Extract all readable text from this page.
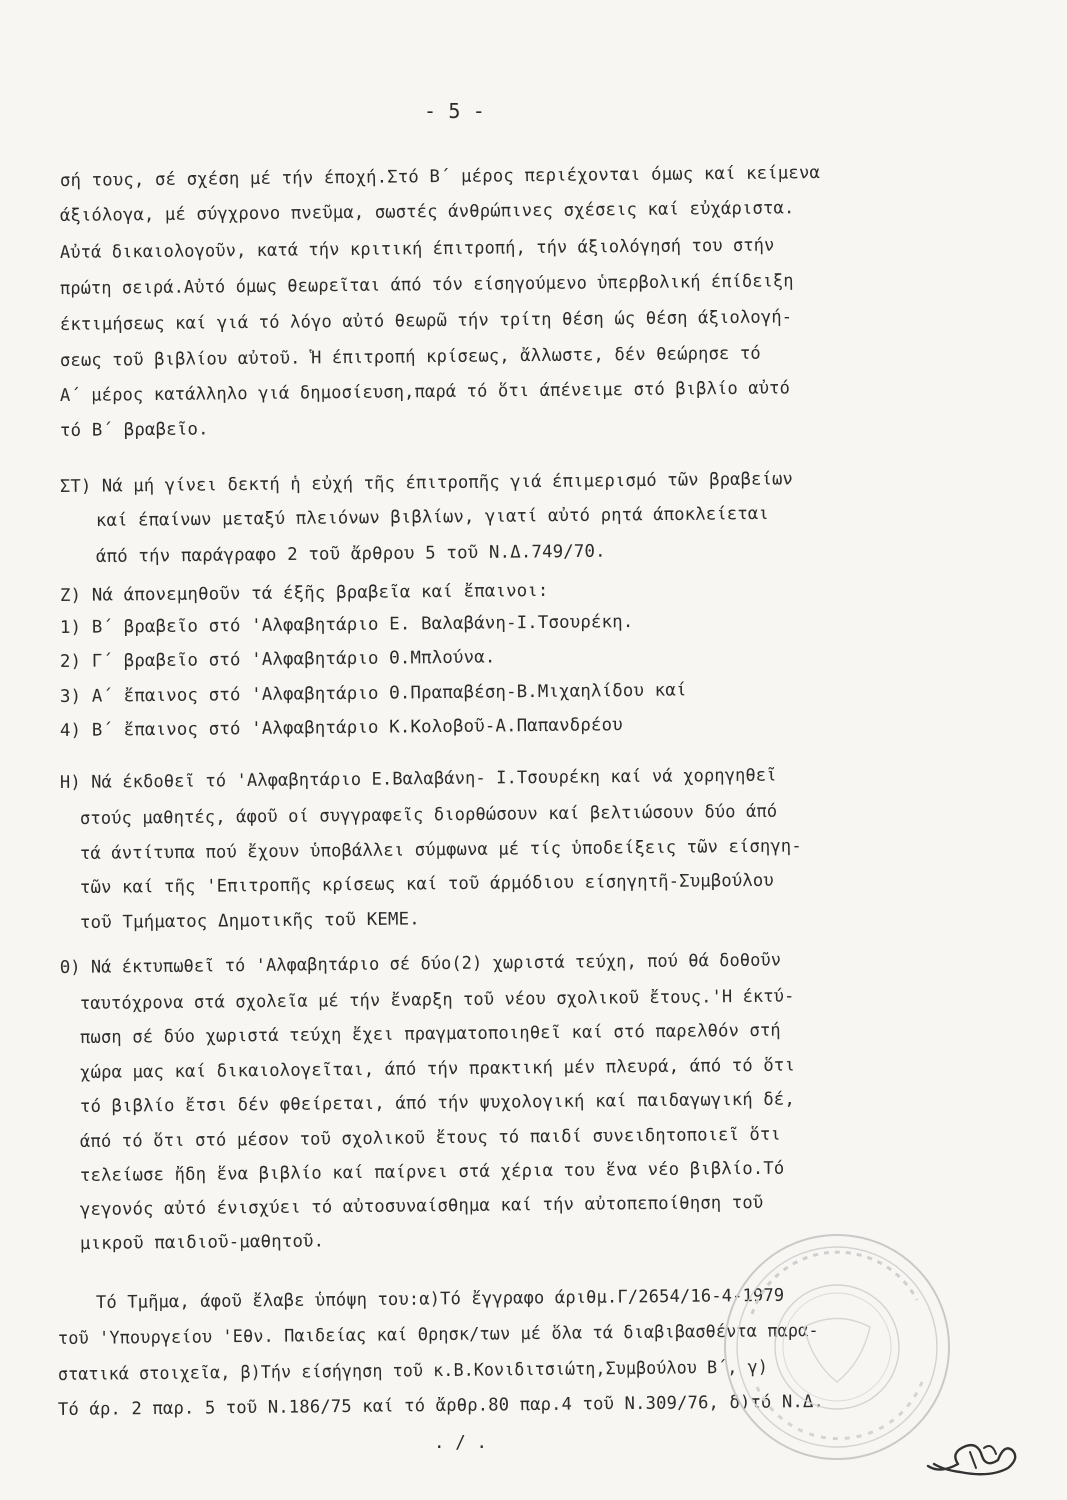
- 5 -
σή τους, σέ σχέση μέ τήν έποχή.Στό Β΄ μέρος περιέχονται όμως καί κείμενα
άξιόλογα, μέ σύγχρονο πνεῦμα, σωστές άνθρώπινες σχέσεις καί εὐχάριστα.
Αὐτά δικαιολογοῦν, κατά τήν κριτική έπιτροπή, τήν άξιολόγησή του στήν
πρώτη σειρά.Αὐτό όμως θεωρεῖται άπό τόν είσηγούμενο ὑπερβολική έπίδειξη
έκτιμήσεως καί γιά τό λόγο αὐτό θεωρῶ τήν τρίτη θέση ώς θέση άξιολογή-
σεως τοῦ βιβλίου αὐτοῦ. Ἡ έπιτροπή κρίσεως, ἄλλωστε, δέν θεώρησε τό
Α΄ μέρος κατάλληλο γιά δημοσίευση,παρά τό ὅτι άπένειμε στό βιβλίο αὐτό
τό Β΄ βραβεῖο.
ΣΤ) Νά μή γίνει δεκτή ἡ εὐχή τῆς έπιτροπῆς γιά έπιμερισμό τῶν βραβείων
καί έπαίνων μεταξύ πλειόνων βιβλίων, γιατί αὐτό ρητά άποκλείεται
άπό τήν παράγραφο 2 τοῦ ἄρθρου 5 τοῦ Ν.Δ.749/70.
Ζ) Νά άπονεμηθοῦν τά έξῆς βραβεῖα καί ἔπαινοι:
1) Β΄ βραβεῖο στό 'Αλφαβητάριο Ε. Βαλαβάνη-Ι.Τσουρέκη.
2) Γ΄ βραβεῖο στό 'Αλφαβητάριο Θ.Μπλούνα.
3) Α΄ ἔπαινος στό 'Αλφαβητάριο Θ.Πραπαβέση-Β.Μιχαηλίδου καί
4) Β΄ ἔπαινος στό 'Αλφαβητάριο Κ.Κολοβοῦ-Α.Παπανδρέου
Η) Νά έκδοθεῖ τό 'Αλφαβητάριο Ε.Βαλαβάνη- Ι.Τσουρέκη καί νά χορηγηθεῖ
στούς μαθητές, άφοῦ οί συγγραφεῖς διορθώσουν καί βελτιώσουν δύο άπό
τά άντίτυπα πού ἔχουν ὑποβάλλει σύμφωνα μέ τίς ὑποδείξεις τῶν είσηγη-
τῶν καί τῆς 'Επιτροπῆς κρίσεως καί τοῦ άρμόδιου είσηγητῆ-Συμβούλου
τοῦ Τμήματος Δημοτικῆς τοῦ ΚΕΜΕ.
Θ) Νά έκτυπωθεῖ τό 'Αλφαβητάριο σέ δύο(2) χωριστά τεύχη, πού θά δοθοῦν
ταυτόχρονα στά σχολεῖα μέ τήν ἔναρξη τοῦ νέου σχολικοῦ ἔτους.'Η έκτύ-
πωση σέ δύο χωριστά τεύχη ἔχει πραγματοποιηθεῖ καί στό παρελθόν στή
χώρα μας καί δικαιολογεῖται, άπό τήν πρακτική μέν πλευρά, άπό τό ὅτι
τό βιβλίο ἔτσι δέν φθείρεται, άπό τήν ψυχολογική καί παιδαγωγική δέ,
άπό τό ὅτι στό μέσον τοῦ σχολικοῦ ἔτους τό παιδί συνειδητοποιεῖ ὅτι
τελείωσε ἤδη ἕνα βιβλίο καί παίρνει στά χέρια του ἕνα νέο βιβλίο.Τό
γεγονός αὐτό ένισχύει τό αὐτοσυναίσθημα καί τήν αὐτοπεποίθηση τοῦ
μικροῦ παιδιοῦ-μαθητοῦ.
Τό Τμῆμα, άφοῦ ἔλαβε ὑπόψη του:α)Τό ἔγγραφο άριθμ.Γ/2654/16-4-1979
τοῦ 'Υπουργείου 'Εθν. Παιδείας καί Θρησκ/των μέ ὅλα τά διαβιβασθέντα παρα-
στατικά στοιχεῖα, β)Τήν είσήγηση τοῦ κ.Β.Κονιδιτσιώτη,Συμβούλου Β΄, γ)
Τό άρ. 2 παρ. 5 τοῦ Ν.186/75 καί τό ἄρθρ.80 παρ.4 τοῦ Ν.309/76, δ)τό Ν.Δ.
. / .
